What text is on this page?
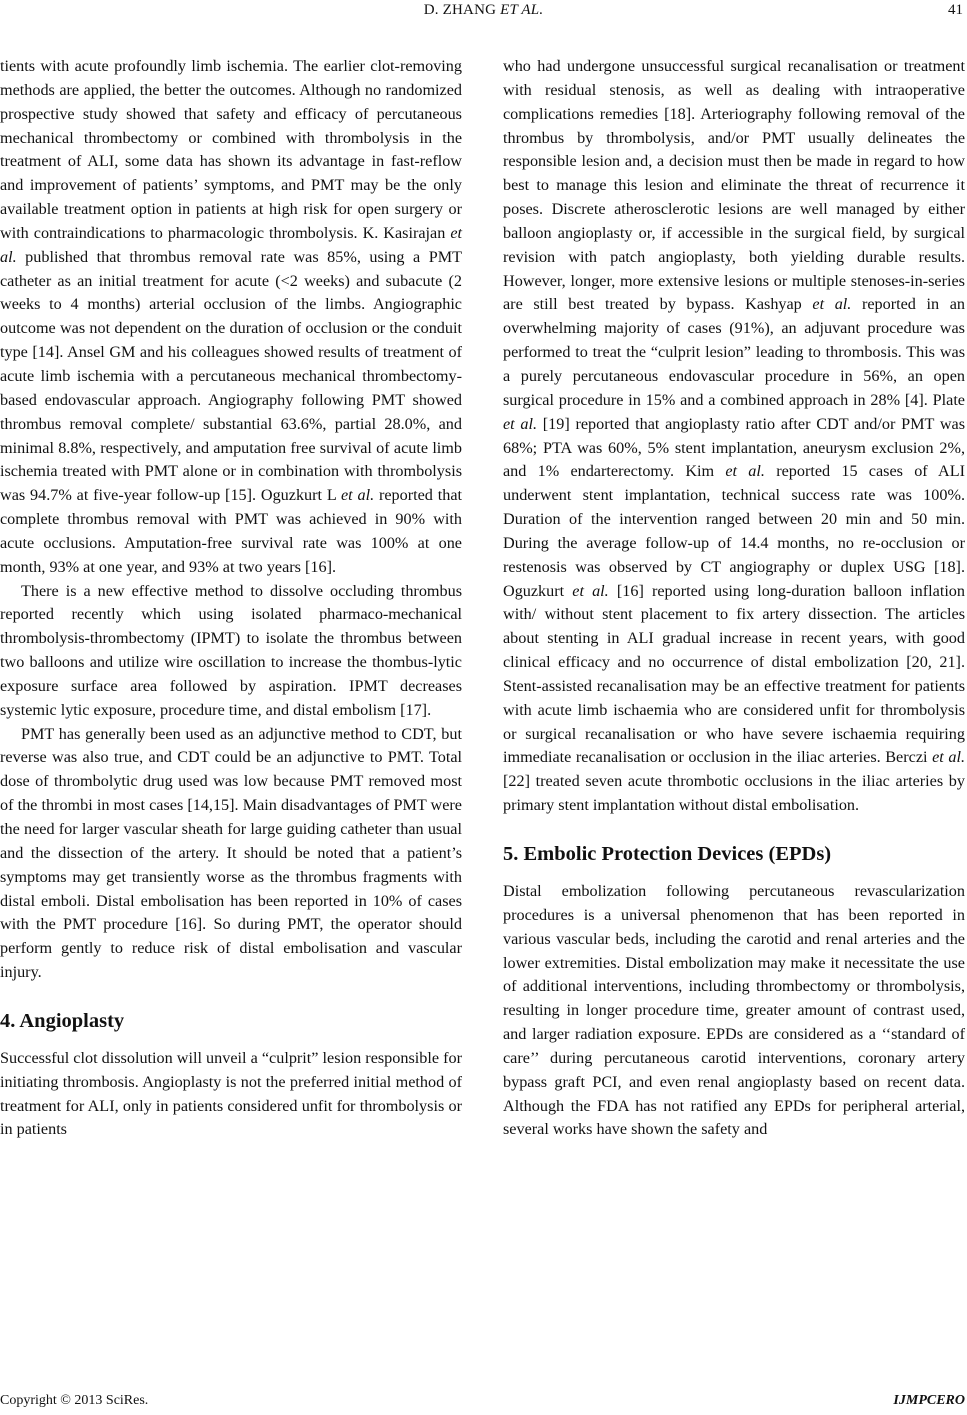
D. ZHANG ET AL.	41

tients with acute profoundly limb ischemia. The earlier clot-removing methods are applied, the better the outcomes. Although no randomized prospective study showed that safety and efficacy of percutaneous mechanical thrombectomy or combined with thrombolysis in the treatment of ALI, some data has shown its advantage in fast-reflow and improvement of patients’ symptoms, and PMT may be the only available treatment option in patients at high risk for open surgery or with contraindications to pharmacologic thrombolysis. K. Kasirajan et al. published that thrombus removal rate was 85%, using a PMT catheter as an initial treatment for acute (<2 weeks) and subacute (2 weeks to 4 months) arterial occlusion of the limbs. Angiographic outcome was not dependent on the duration of occlusion or the conduit type [14]. Ansel GM and his colleagues showed results of treatment of acute limb ischemia with a percutaneous mechanical thrombectomy-based endovascular approach. Angiography following PMT showed thrombus removal complete/ substantial 63.6%, partial 28.0%, and minimal 8.8%, respectively, and amputation free survival of acute limb ischemia treated with PMT alone or in combination with thrombolysis was 94.7% at five-year follow-up [15]. Oguzkurt L et al. reported that complete thrombus removal with PMT was achieved in 90% with acute occlusions. Amputation-free survival rate was 100% at one month, 93% at one year, and 93% at two years [16].

There is a new effective method to dissolve occluding thrombus reported recently which using isolated pharmaco-mechanical thrombolysis-thrombectomy (IPMT) to isolate the thrombus between two balloons and utilize wire oscillation to increase the thombus-lytic exposure surface area followed by aspiration. IPMT decreases systemic lytic exposure, procedure time, and distal embolism [17].

PMT has generally been used as an adjunctive method to CDT, but reverse was also true, and CDT could be an adjunctive to PMT. Total dose of thrombolytic drug used was low because PMT removed most of the thrombi in most cases [14,15]. Main disadvantages of PMT were the need for larger vascular sheath for large guiding catheter than usual and the dissection of the artery. It should be noted that a patient’s symptoms may get transiently worse as the thrombus fragments with distal emboli. Distal embolisation has been reported in 10% of cases with the PMT procedure [16]. So during PMT, the operator should perform gently to reduce risk of distal embolisation and vascular injury.

4. Angioplasty

Successful clot dissolution will unveil a “culprit” lesion responsible for initiating thrombosis. Angioplasty is not the preferred initial method of treatment for ALI, only in patients considered unfit for thrombolysis or in patients

who had undergone unsuccessful surgical recanalisation or treatment with residual stenosis, as well as dealing with intraoperative complications remedies [18]. Arteriography following removal of the thrombus by thrombolysis, and/or PMT usually delineates the responsible lesion and, a decision must then be made in regard to how best to manage this lesion and eliminate the threat of recurrence it poses. Discrete atherosclerotic lesions are well managed by either balloon angioplasty or, if accessible in the surgical field, by surgical revision with patch angioplasty, both yielding durable results. However, longer, more extensive lesions or multiple stenoses-in-series are still best treated by bypass. Kashyap et al. reported in an overwhelming majority of cases (91%), an adjuvant procedure was performed to treat the “culprit lesion” leading to thrombosis. This was a purely percutaneous endovascular procedure in 56%, an open surgical procedure in 15% and a combined approach in 28% [4]. Plate et al. [19] reported that angioplasty ratio after CDT and/or PMT was 68%; PTA was 60%, 5% stent implantation, aneurysm exclusion 2%, and 1% endarterectomy. Kim et al. reported 15 cases of ALI underwent stent implantation, technical success rate was 100%. Duration of the intervention ranged between 20 min and 50 min. During the average follow-up of 14.4 months, no re-occlusion or restenosis was observed by CT angiography or duplex USG [18]. Oguzkurt et al. [16] reported using long-duration balloon inflation with/ without stent placement to fix artery dissection. The articles about stenting in ALI gradual increase in recent years, with good clinical efficacy and no occurrence of distal embolization [20, 21]. Stent-assisted recanalisation may be an effective treatment for patients with acute limb ischaemia who are considered unfit for thrombolysis or surgical recanalisation or who have severe ischaemia requiring immediate recanalisation or occlusion in the iliac arteries. Berczi et al. [22] treated seven acute thrombotic occlusions in the iliac arteries by primary stent implantation without distal embolisation.

5. Embolic Protection Devices (EPDs)

Distal embolization following percutaneous revascularization procedures is a universal phenomenon that has been reported in various vascular beds, including the carotid and renal arteries and the lower extremities. Distal embolization may make it necessitate the use of additional interventions, including thrombectomy or thrombolysis, resulting in longer procedure time, greater amount of contrast used, and larger radiation exposure. EPDs are considered as a ‘‘standard of care’’ during percutaneous carotid interventions, coronary artery bypass graft PCI, and even renal angioplasty based on recent data. Although the FDA has not ratified any EPDs for peripheral arterial, several works have shown the safety and

Copyright © 2013 SciRes.	IJMPCERO
